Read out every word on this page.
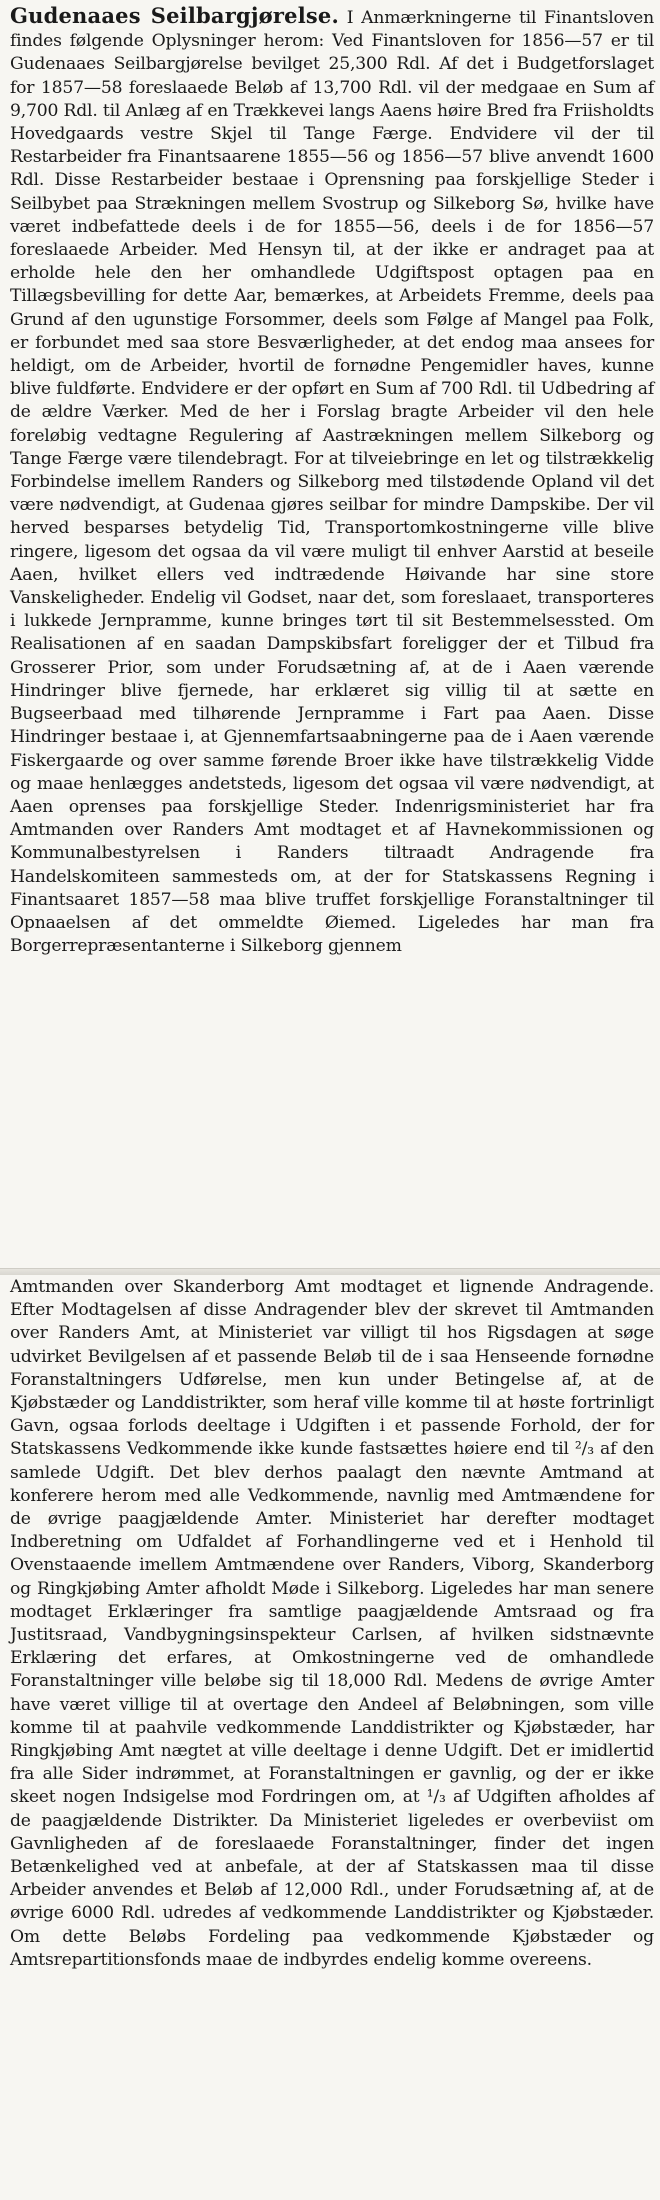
Gudenaaes Seilbargjørelse. I Anmærkningerne til Finantsloven findes følgende Oplysninger herom: Ved Finantsloven for 1856—57 er til Gudenaaes Seilbargjørelse bevilget 25,300 Rdl. Af det i Budgetforslaget for 1857—58 foreslaaede Beløb af 13,700 Rdl. vil der medgaae en Sum af 9,700 Rdl. til Anlæg af en Trækkevei langs Aaens høire Bred fra Friisholdts Hovedgaards vestre Skjel til Tange Færge. Endvidere vil der til Restarbeider fra Finantsaarene 1855—56 og 1856—57 blive anvendt 1600 Rdl. Disse Restarbeider bestaae i Oprensning paa forskjellige Steder i Seilbybet paa Strækningen mellem Svostrup og Silkeborg Sø, hvilke have været indbefattede deels i de for 1855—56, deels i de for 1856—57 foreslaaede Arbeider. Med Hensyn til, at der ikke er andraget paa at erholde hele den her omhandlede Udgiftspost optagen paa en Tillægsbevilling for dette Aar, bemærkes, at Arbeidets Fremme, deels paa Grund af den ugunstige Forsommer, deels som Følge af Mangel paa Folk, er forbundet med saa store Besværligheder, at det endog maa ansees for heldigt, om de Arbeider, hvortil de fornødne Pengemidler haves, kunne blive fuldførte. Endvidere er der opført en Sum af 700 Rdl. til Udbedring af de ældre Værker. Med de her i Forslag bragte Arbeider vil den hele foreløbig vedtagne Regulering af Aastrækningen mellem Silkeborg og Tange Færge være tilendebragt. For at tilveiebringe en let og tilstrækkelig Forbindelse imellem Randers og Silkeborg med tilstødende Opland vil det være nødvendigt, at Gudenaa gjøres seilbar for mindre Dampskibe. Der vil herved besparses betydelig Tid, Transportomkostningerne ville blive ringere, ligesom det ogsaa da vil være muligt til enhver Aarstid at beseile Aaen, hvilket ellers ved indtrædende Høivande har sine store Vanskeligheder. Endelig vil Godset, naar det, som foreslaaet, transporteres i lukkede Jernpramme, kunne bringes tørt til sit Bestemmelsessted. Om Realisationen af en saadan Dampskibsfart foreligger der et Tilbud fra Grosserer Prior, som under Forudsætning af, at de i Aaen værende Hindringer blive fjernede, har erklæret sig villig til at sætte en Bugseerbaad med tilhørende Jernpramme i Fart paa Aaen. Disse Hindringer bestaae i, at Gjennemfartsaabningerne paa de i Aaen værende Fiskergaarde og over samme førende Broer ikke have tilstrækkelig Vidde og maae henlægges andetsteds, ligesom det ogsaa vil være nødvendigt, at Aaen oprenses paa forskjellige Steder. Indenrigsministeriet har fra Amtmanden over Randers Amt modtaget et af Havnekommissionen og Kommunalbestyrelsen i Randers tiltraadt Andragende fra Handelskomiteen sammesteds om, at der for Statskassens Regning i Finantsaaret 1857—58 maa blive truffet forskjellige Foranstaltninger til Opnaaelsen af det ommeldte Øiemed. Ligeledes har man fra Borgerrepræsentanterne i Silkeborg gjennem

Amtmanden over Skanderborg Amt modtaget et lignende Andragende. Efter Modtagelsen af disse Andragender blev der skrevet til Amtmanden over Randers Amt, at Ministeriet var villigt til hos Rigsdagen at søge udvirket Bevilgelsen af et passende Beløb til de i saa Henseende fornødne Foranstaltningers Udførelse, men kun under Betingelse af, at de Kjøbstæder og Landdistrikter, som heraf ville komme til at høste fortrinligt Gavn, ogsaa forlods deeltage i Udgiften i et passende Forhold, der for Statskassens Vedkommende ikke kunde fastsættes høiere end til ²/₃ af den samlede Udgift. Det blev derhos paalagt den nævnte Amtmand at konferere herom med alle Vedkommende, navnlig med Amtmændene for de øvrige paagjældende Amter. Ministeriet har derefter modtaget Indberetning om Udfaldet af Forhandlingerne ved et i Henhold til Ovenstaaende imellem Amtmændene over Randers, Viborg, Skanderborg og Ringkjøbing Amter afholdt Møde i Silkeborg. Ligeledes har man senere modtaget Erklæringer fra samtlige paagjældende Amtsraad og fra Justitsraad, Vandbygningsinspekteur Carlsen, af hvilken sidstnævnte Erklæring det erfares, at Omkostningerne ved de omhandlede Foranstaltninger ville beløbe sig til 18,000 Rdl. Medens de øvrige Amter have været villige til at overtage den Andeel af Beløbningen, som ville komme til at paahvile vedkommende Landdistrikter og Kjøbstæder, har Ringkjøbing Amt nægtet at ville deeltage i denne Udgift. Det er imidlertid fra alle Sider indrømmet, at Foranstaltningen er gavnlig, og der er ikke skeet nogen Indsigelse mod Fordringen om, at ¹/₃ af Udgiften afholdes af de paagjældende Distrikter. Da Ministeriet ligeledes er overbeviist om Gavnligheden af de foreslaaede Foranstaltninger, finder det ingen Betænkelighed ved at anbefale, at der af Statskassen maa til disse Arbeider anvendes et Beløb af 12,000 Rdl., under Forudsætning af, at de øvrige 6000 Rdl. udredes af vedkommende Landdistrikter og Kjøbstæder. Om dette Beløbs Fordeling paa vedkommende Kjøbstæder og Amtsrepartitionsfonds maae de indbyrdes endelig komme overeens.
